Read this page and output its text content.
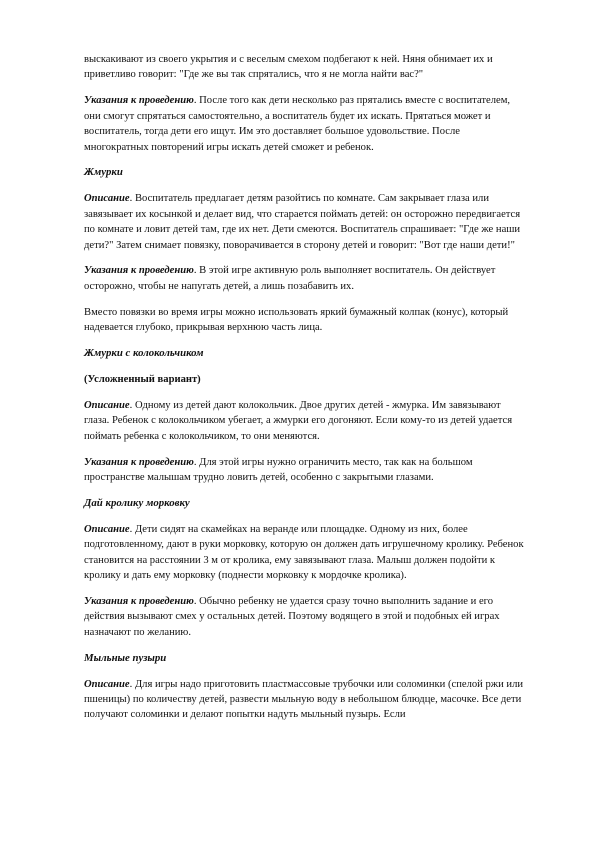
выскакивают из своего укрытия и с веселым смехом подбегают к ней. Няня обнимает их и приветливо говорит: "Где же вы так спрятались, что я не могла найти вас?"

Указания к проведению. После того как дети несколько раз прятались вместе с воспитателем, они смогут спрятаться самостоятельно, а воспитатель будет их искать. Прятаться может и воспитатель, тогда дети его ищут. Им это доставляет большое удовольствие. После многократных повторений игры искать детей сможет и ребенок.

Жмурки

Описание. Воспитатель предлагает детям разойтись по комнате. Сам закрывает глаза или завязывает их косынкой и делает вид, что старается поймать детей: он осторожно передвигается по комнате и ловит детей там, где их нет. Дети смеются. Воспитатель спрашивает: "Где же наши дети?" Затем снимает повязку, поворачивается в сторону детей и говорит: "Вот где наши дети!"

Указания к проведению. В этой игре активную роль выполняет воспитатель. Он действует осторожно, чтобы не напугать детей, а лишь позабавить их.

Вместо повязки во время игры можно использовать яркий бумажный колпак (конус), который надевается глубоко, прикрывая верхнюю часть лица.

Жмурки с колокольчиком
(Усложненный вариант)

Описание. Одному из детей дают колокольчик. Двое других детей - жмурка. Им завязывают глаза. Ребенок с колокольчиком убегает, а жмурки его догоняют. Если кому-то из детей удается поймать ребенка с колокольчиком, то они меняются.

Указания к проведению. Для этой игры нужно ограничить место, так как на большом пространстве малышам трудно ловить детей, особенно с закрытыми глазами.

Дай кролику морковку

Описание. Дети сидят на скамейках на веранде или площадке. Одному из них, более подготовленному, дают в руки морковку, которую он должен дать игрушечному кролику. Ребенок становится на расстоянии 3 м от кролика, ему завязывают глаза. Малыш должен подойти к кролику и дать ему морковку (поднести морковку к мордочке кролика).

Указания к проведению. Обычно ребенку не удается сразу точно выполнить задание и его действия вызывают смех у остальных детей. Поэтому водящего в этой и подобных ей играх назначают по желанию.

Мыльные пузыри

Описание. Для игры надо приготовить пластмассовые трубочки или соломинки (спелой ржи или пшеницы) по количеству детей, развести мыльную воду в небольшом блюдце, масочке. Все дети получают соломинки и делают попытки надуть мыльный пузырь. Если
